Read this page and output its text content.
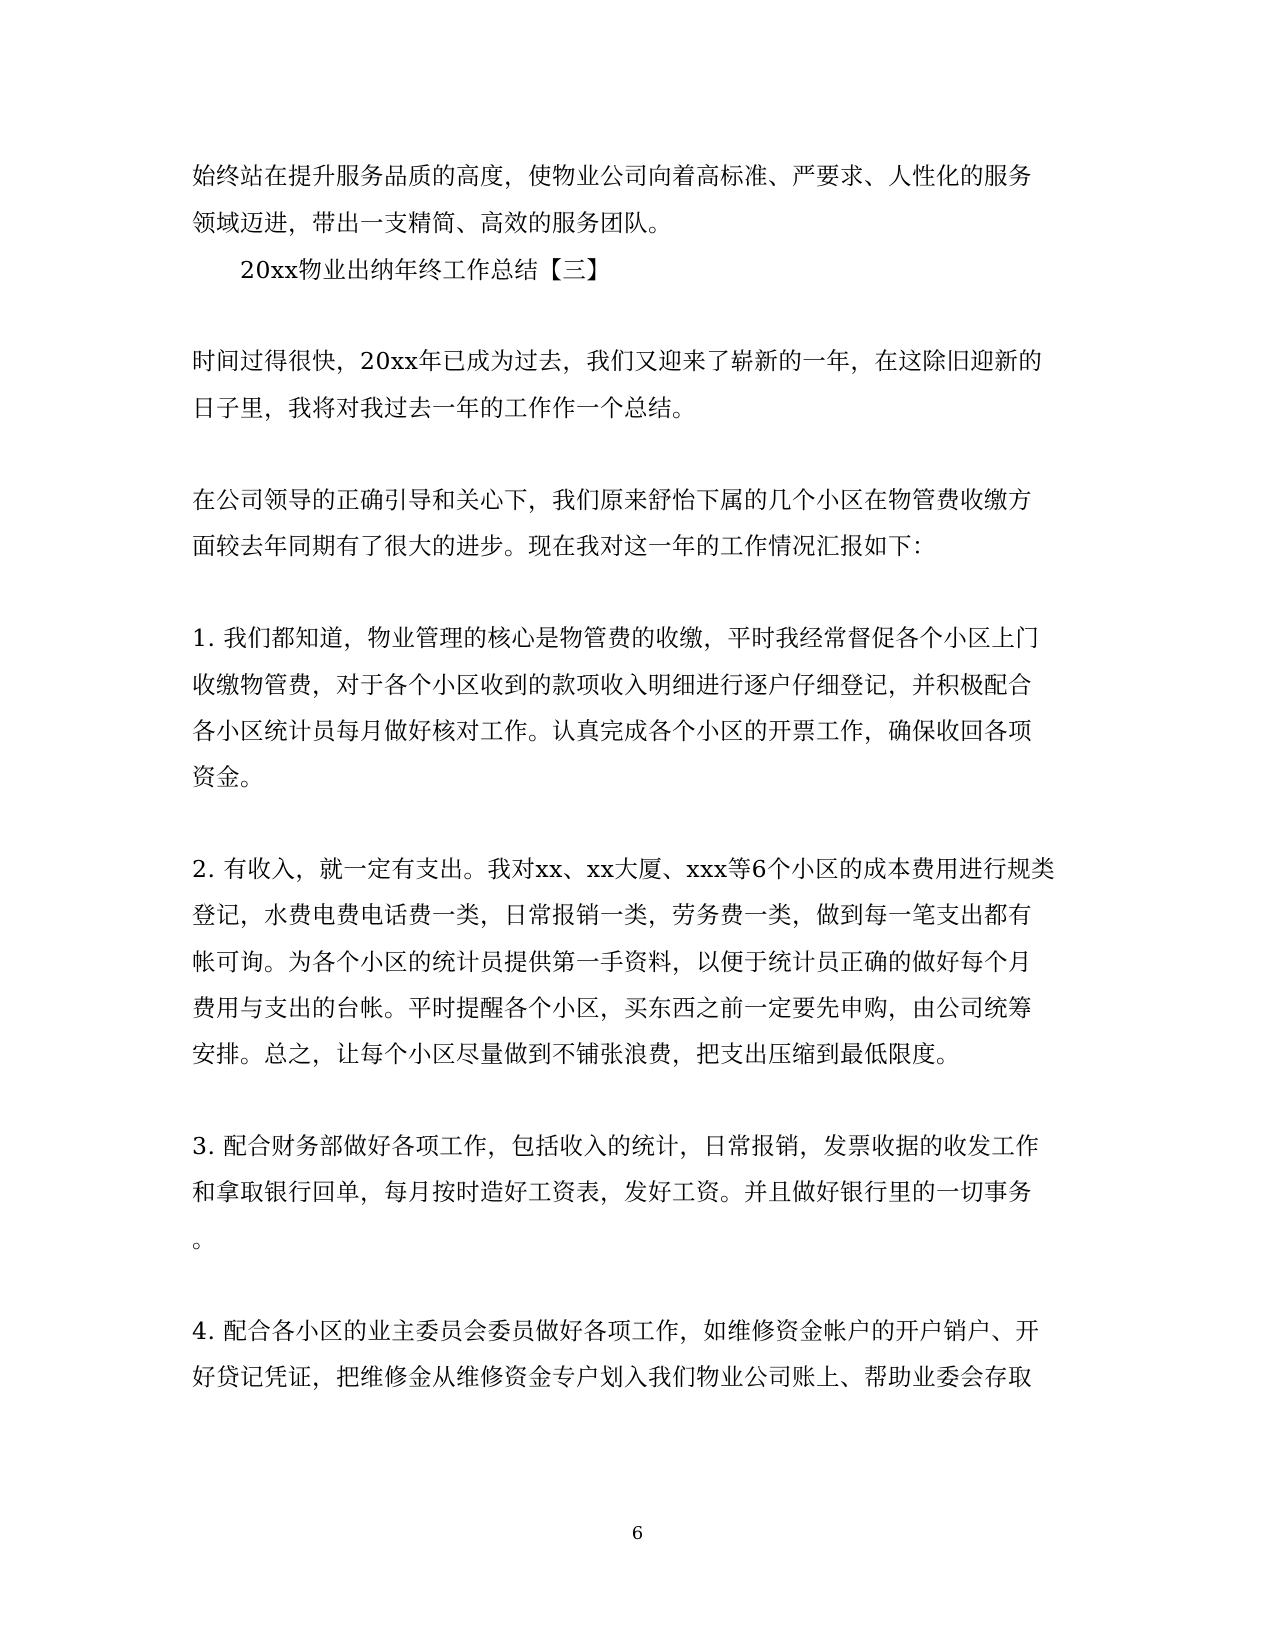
始终站在提升服务品质的高度，使物业公司向着高标准、严要求、人性化的服务
领域迈进，带出一支精简、高效的服务团队。
20xx物业出纳年终工作总结【三】
时间过得很快，20xx年已成为过去，我们又迎来了崭新的一年，在这除旧迎新的
日子里，我将对我过去一年的工作作一个总结。
在公司领导的正确引导和关心下，我们原来舒怡下属的几个小区在物管费收缴方
面较去年同期有了很大的进步。现在我对这一年的工作情况汇报如下：
1. 我们都知道，物业管理的核心是物管费的收缴，平时我经常督促各个小区上门
收缴物管费，对于各个小区收到的款项收入明细进行逐户仔细登记，并积极配合
各小区统计员每月做好核对工作。认真完成各个小区的开票工作，确保收回各项
资金。
2. 有收入，就一定有支出。我对xx、xx大厦、xxx等6个小区的成本费用进行规类
登记，水费电费电话费一类，日常报销一类，劳务费一类，做到每一笔支出都有
帐可询。为各个小区的统计员提供第一手资料，以便于统计员正确的做好每个月
费用与支出的台帐。平时提醒各个小区，买东西之前一定要先申购，由公司统筹
安排。总之，让每个小区尽量做到不铺张浪费，把支出压缩到最低限度。
3. 配合财务部做好各项工作，包括收入的统计，日常报销，发票收据的收发工作
和拿取银行回单，每月按时造好工资表，发好工资。并且做好银行里的一切事务
。
4. 配合各小区的业主委员会委员做好各项工作，如维修资金帐户的开户销户、开
好贷记凭证，把维修金从维修资金专户划入我们物业公司账上、帮助业委会存取
6
